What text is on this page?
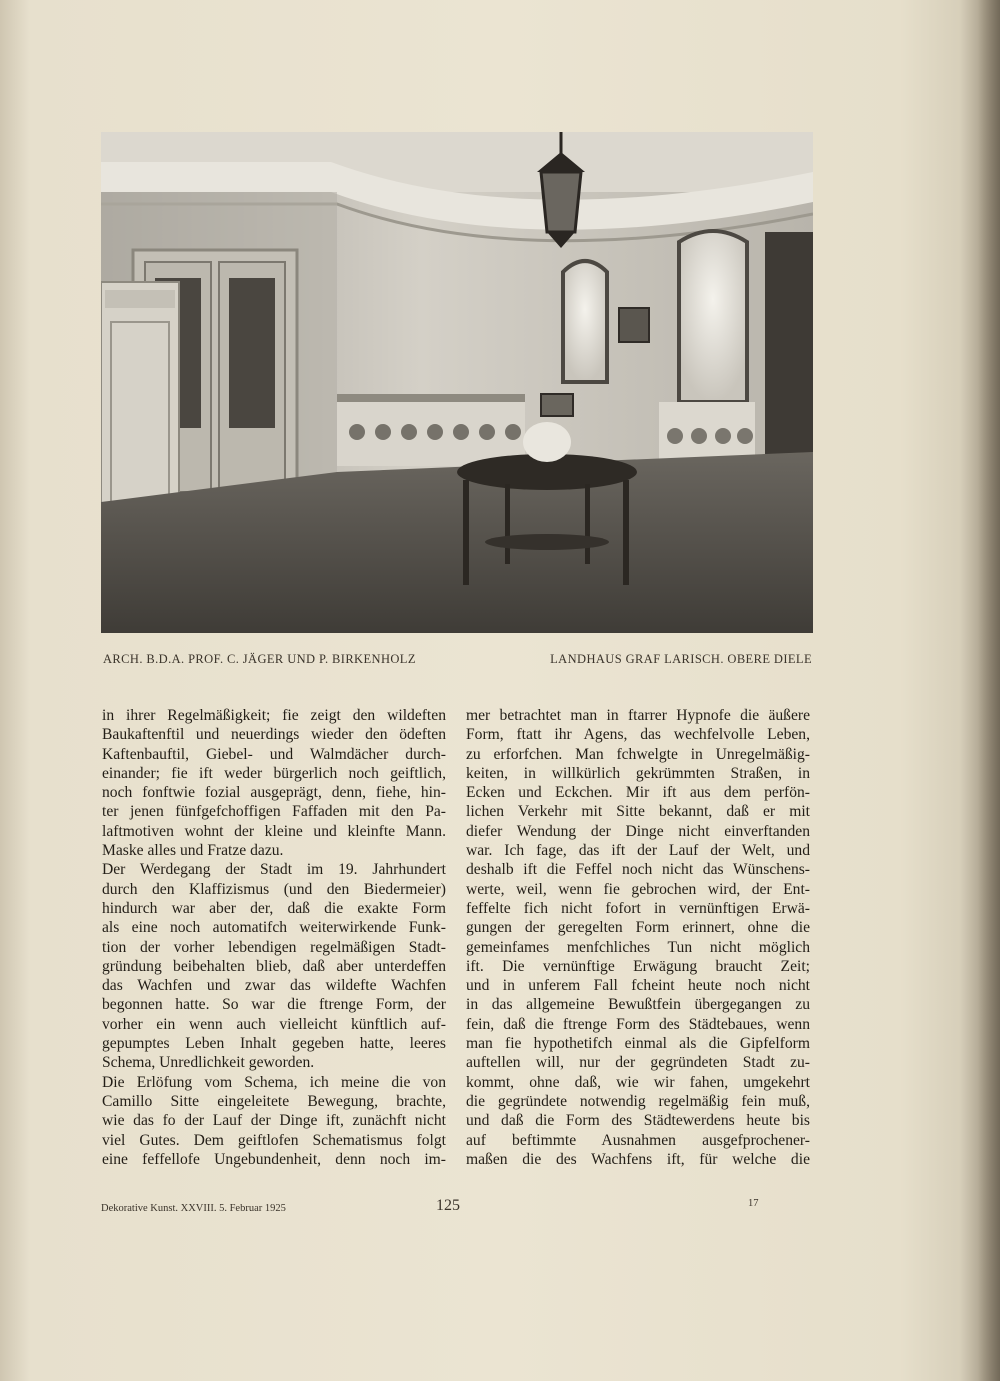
ARCH. B.D.A. PROF. C. JÄGER UND P. BIRKENHOLZ	LANDHAUS GRAF LARISCH. OBERE DIELE
in ihrer Regelmäßigkeit; fie zeigt den wildeften
Baukaftenftil und neuerdings wieder den ödeften
Kaftenbauftil, Giebel- und Walmdächer durch-
einander; fie ift weder bürgerlich noch geiftlich,
noch fonftwie fozial ausgeprägt, denn, fiehe, hin-
ter jenen fünfgefchoffigen Faffaden mit den Pa-
laftmotiven wohnt der kleine und kleinfte Mann.
Maske alles und Fratze dazu.
Der Werdegang der Stadt im 19. Jahrhundert
durch den Klaffizismus (und den Biedermeier)
hindurch war aber der, daß die exakte Form
als eine noch automatifch weiterwirkende Funk-
tion der vorher lebendigen regelmäßigen Stadt-
gründung beibehalten blieb, daß aber unterdeffen
das Wachfen und zwar das wildefte Wachfen
begonnen hatte. So war die ftrenge Form, der
vorher ein wenn auch vielleicht künftlich auf-
gepumptes Leben Inhalt gegeben hatte, leeres
Schema, Unredlichkeit geworden.
Die Erlöfung vom Schema, ich meine die von
Camillo Sitte eingeleitete Bewegung, brachte,
wie das fo der Lauf der Dinge ift, zunächft nicht
viel Gutes. Dem geiftlofen Schematismus folgt
eine feffellofe Ungebundenheit, denn noch im-
mer betrachtet man in ftarrer Hypnofe die äußere
Form, ftatt ihr Agens, das wechfelvolle Leben,
zu erforfchen. Man fchwelgte in Unregelmäßig-
keiten, in willkürlich gekrümmten Straßen, in
Ecken und Eckchen. Mir ift aus dem perfön-
lichen Verkehr mit Sitte bekannt, daß er mit
diefer Wendung der Dinge nicht einverftanden
war. Ich fage, das ift der Lauf der Welt, und
deshalb ift die Feffel noch nicht das Wünschens-
werte, weil, wenn fie gebrochen wird, der Ent-
feffelte fich nicht fofort in vernünftigen Erwä-
gungen der geregelten Form erinnert, ohne die
gemeinfames menfchliches Tun nicht möglich
ift. Die vernünftige Erwägung braucht Zeit;
und in unferem Fall fcheint heute noch nicht
in das allgemeine Bewußtfein übergegangen zu
fein, daß die ftrenge Form des Städtebaues, wenn
man fie hypothetifch einmal als die Gipfelform
auftellen will, nur der gegründeten Stadt zu-
kommt, ohne daß, wie wir fahen, umgekehrt
die gegründete notwendig regelmäßig fein muß,
und daß die Form des Städtewerdens heute bis
auf beftimmte Ausnahmen ausgefprochener-
maßen die des Wachfens ift, für welche die
Dekorative Kunst. XXVIII. 5. Februar 1925	125	17
